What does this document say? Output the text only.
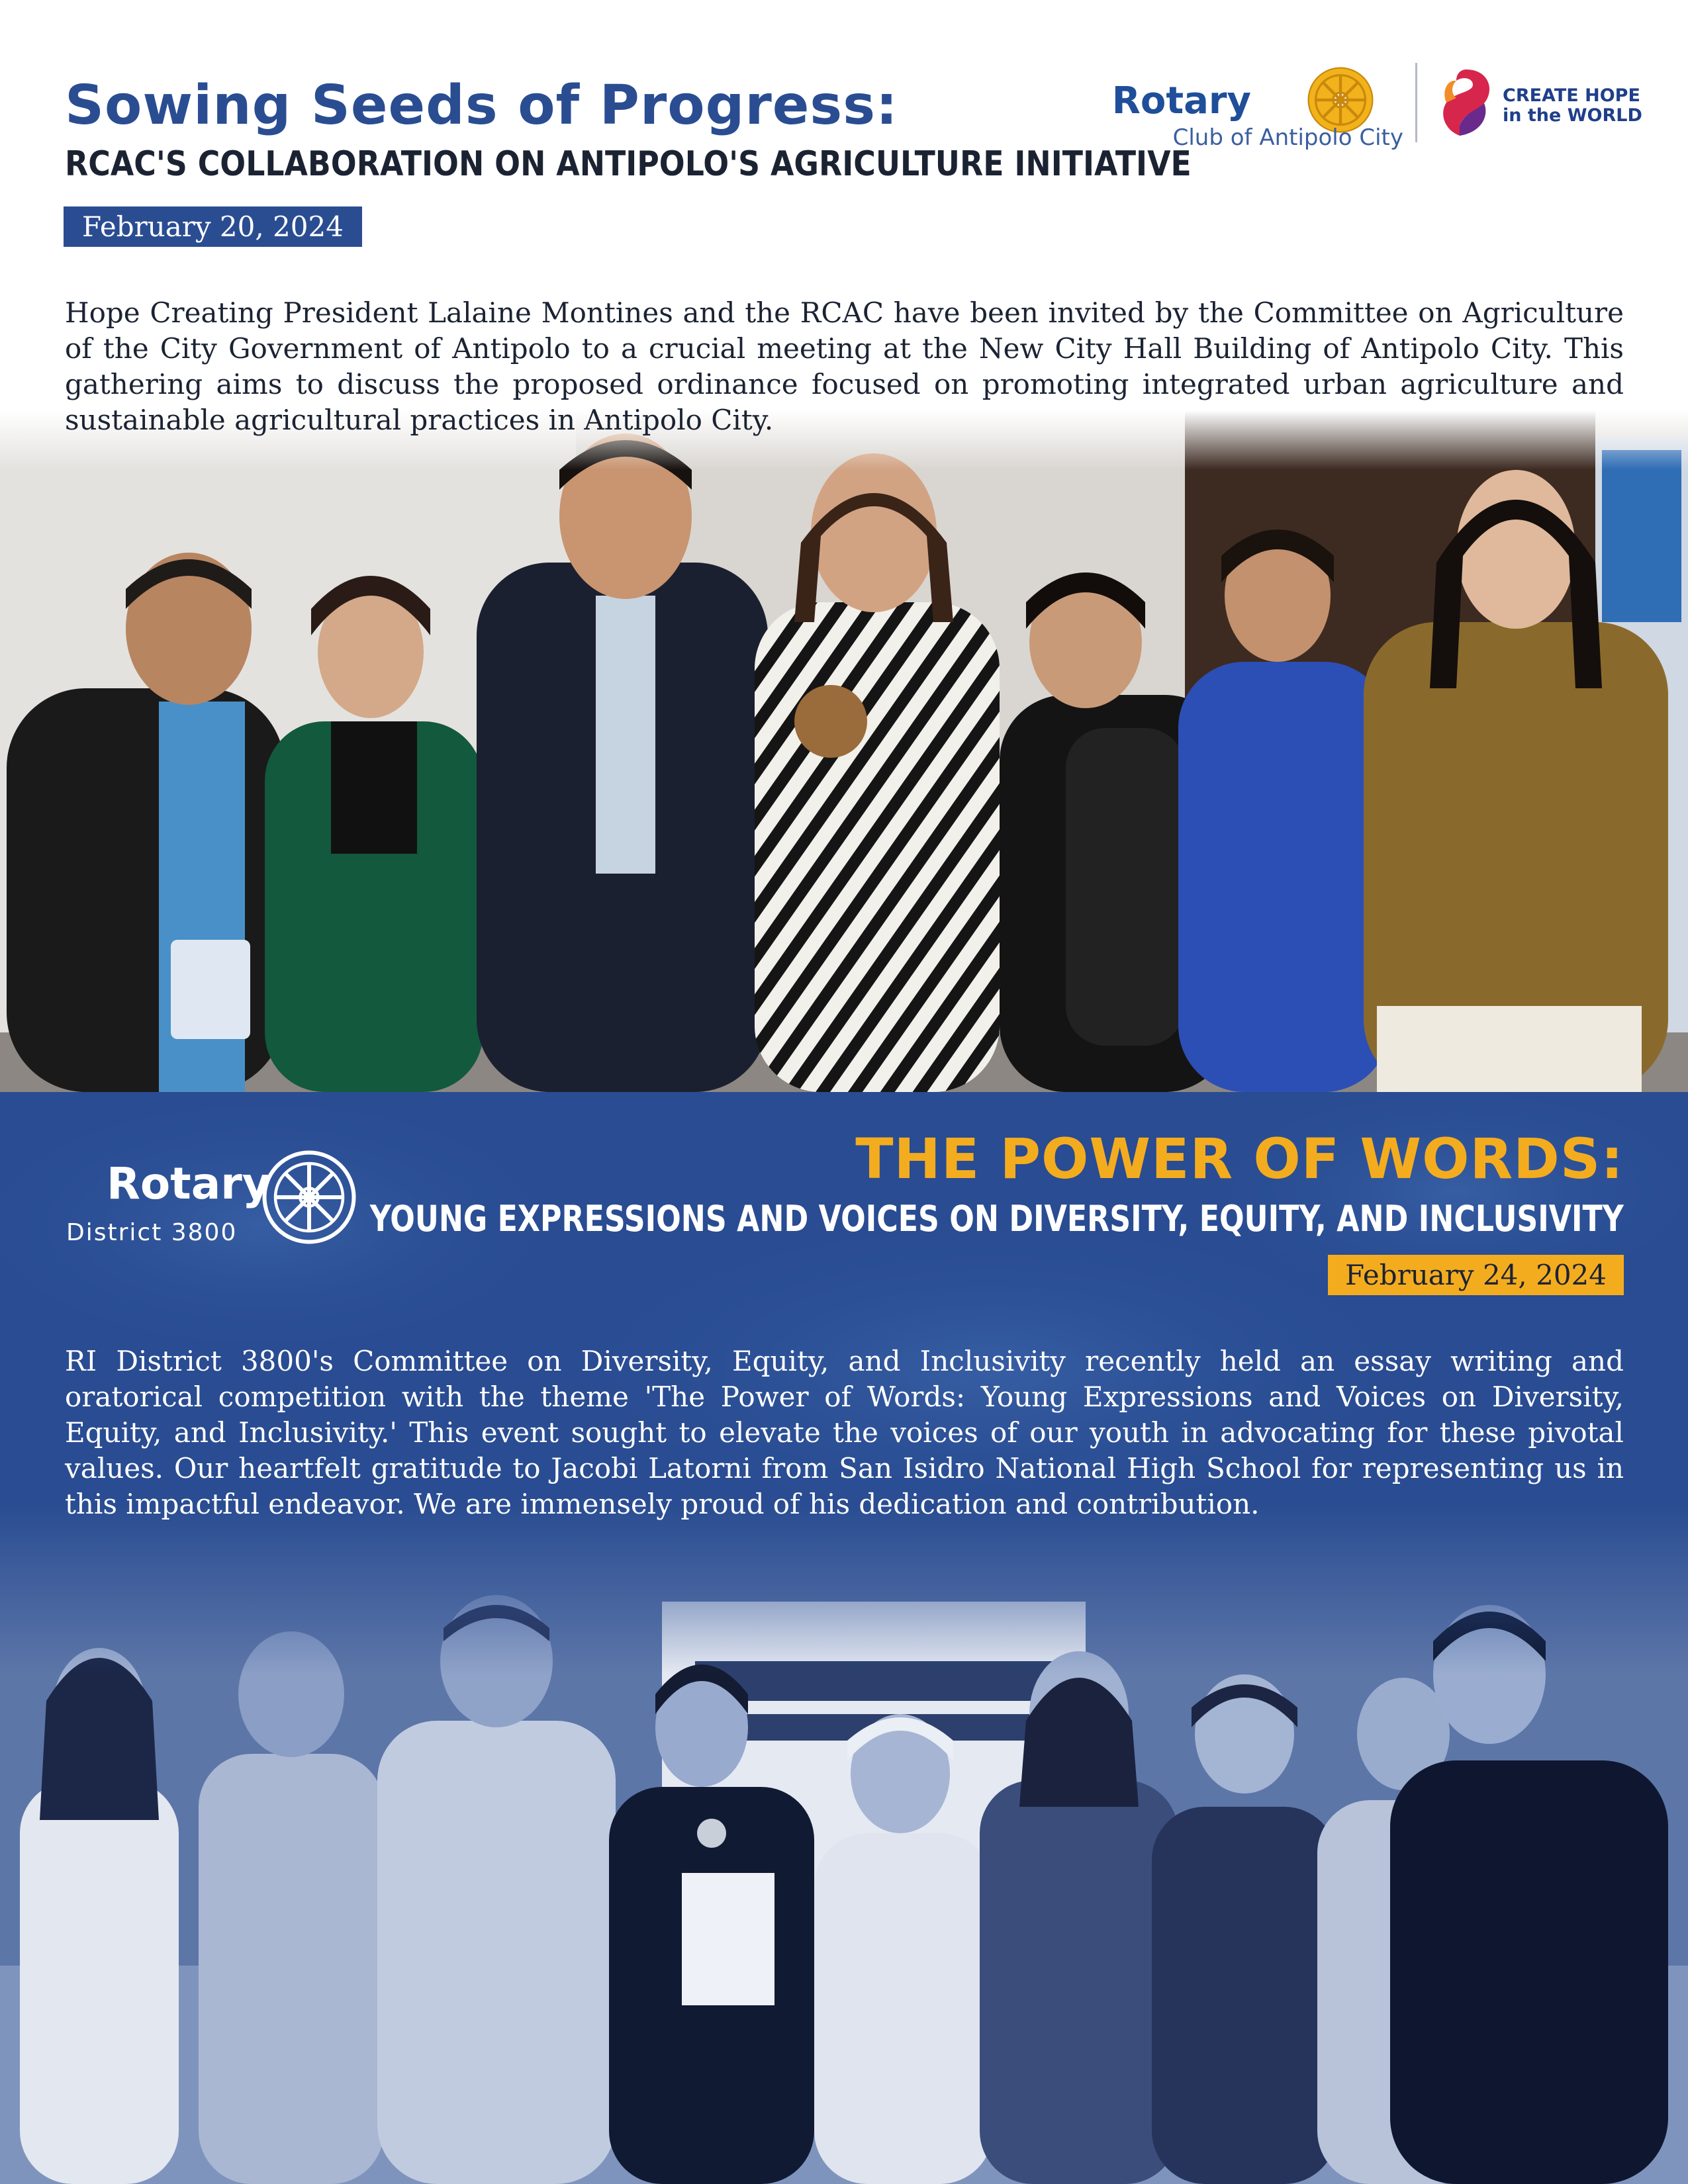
Sowing Seeds of Progress:
RCAC'S COLLABORATION ON ANTIPOLO'S AGRICULTURE INITIATIVE
February 20, 2024

Hope Creating President Lalaine Montines and the RCAC have been invited by the Committee on Agriculture of the City Government of Antipolo to a crucial meeting at the New City Hall Building of Antipolo City. This gathering aims to discuss the proposed ordinance focused on promoting integrated urban agriculture and sustainable agricultural practices in Antipolo City.

Rotary
Club of Antipolo City
CREATE HOPE
in the WORLD
Rotary
District 3800
THE POWER OF WORDS:
YOUNG EXPRESSIONS AND VOICES ON DIVERSITY, EQUITY, AND INCLUSIVITY
February 24, 2024

RI District 3800's Committee on Diversity, Equity, and Inclusivity recently held an essay writing and oratorical competition with the theme 'The Power of Words: Young Expressions and Voices on Diversity, Equity, and Inclusivity.' This event sought to elevate the voices of our youth in advocating for these pivotal values. Our heartfelt gratitude to Jacobi Latorni from San Isidro National High School for representing us in this impactful endeavor. We are immensely proud of his dedication and contribution.
